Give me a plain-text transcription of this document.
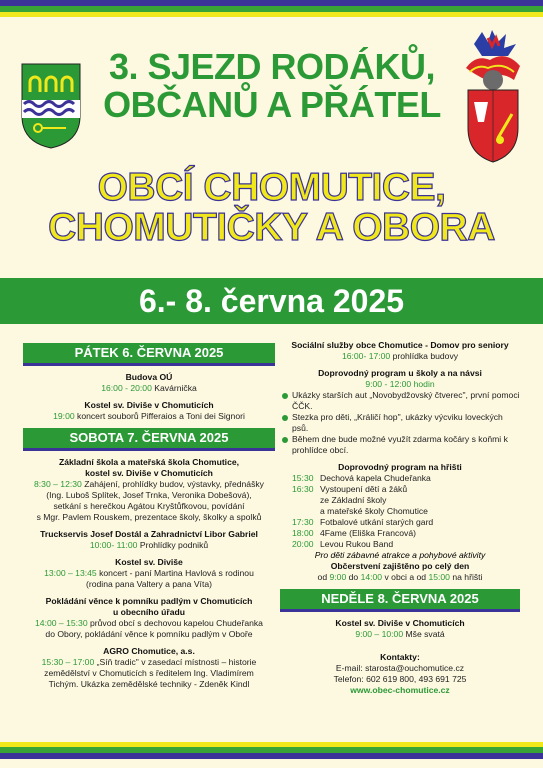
3. SJEZD RODÁKŮ,
OBČANŮ A PŘÁTEL
OBCÍ CHOMUTICE,
CHOMUTIČKY A OBORA
6.- 8. června 2025
PÁTEK 6. ČERVNA 2025
Budova OÚ
16:00 - 20:00 Kavárnička
Kostel sv. Diviše v Chomuticích
19:00 koncert souborů Pifferaios a Toni dei Signori
SOBOTA 7. ČERVNA 2025
Základní škola a mateřská škola Chomutice,
kostel sv. Diviše v Chomuticích
8:30 – 12:30 Zahájení, prohlídky budov, výstavky, přednášky
(Ing. Luboš Splítek, Josef Trnka, Veronika Dobešová),
setkání s herečkou Agátou Kryštůfkovou, povídání
s Mgr. Pavlem Rouskem, prezentace školy, školky a spolků
Truckservis Josef Dostál a Zahradnictví Libor Gabriel
10:00- 11:00 Prohlídky podniků
Kostel sv. Diviše
13:00 – 13:45 koncert - paní Martina Havlová s rodinou
(rodina pana Valtery a pana Víta)
Pokládání věnce k pomníku padlým v Chomuticích
u obecního úřadu
14:00 – 15:30 průvod obcí s dechovou kapelou Chudeřanka
do Obory, pokládání věnce k pomníku padlým v Oboře
AGRO Chomutice, a.s.
15:30 – 17:00 „Síň tradic" v zasedací místnosti – historie
zemědělství v Chomuticích s ředitelem Ing. Vladimírem
Tichým. Ukázka zemědělské techniky - Zdeněk Kindl
Sociální služby obce Chomutice - Domov pro seniory
16:00- 17:00 prohlídka budovy
Doprovodný program u školy a na návsi
9:00 - 12:00 hodin
Ukázky starších aut „Novobydžovský čtverec", první pomoci ČČK.
Stezka pro děti, „Králičí hop", ukázky výcviku loveckých psů.
Během dne bude možné využít zdarma kočáry s koňmi k prohlídce obcí.
Doprovodný program na hřišti
15:30	Dechová kapela Chudeřanka
16:30	Vystoupení dětí a žáků
	ze Základní školy
	a mateřské školy Chomutice
17:30	Fotbalové utkání starých gard
18:00	4Fame (Eliška Francová)
20:00	Levou Rukou Band
Pro děti zábavné atrakce a pohybové aktivity
Občerstvení zajištěno po celý den
od 9:00 do 14:00 v obci a od 15:00 na hřišti
NEDĚLE 8. ČERVNA 2025
Kostel sv. Diviše v Chomuticích
9:00 – 10:00 Mše svatá
Kontakty:
E-mail: starosta@ouchomutice.cz
Telefon: 602 619 800, 493 691 725
www.obec-chomutice.cz
